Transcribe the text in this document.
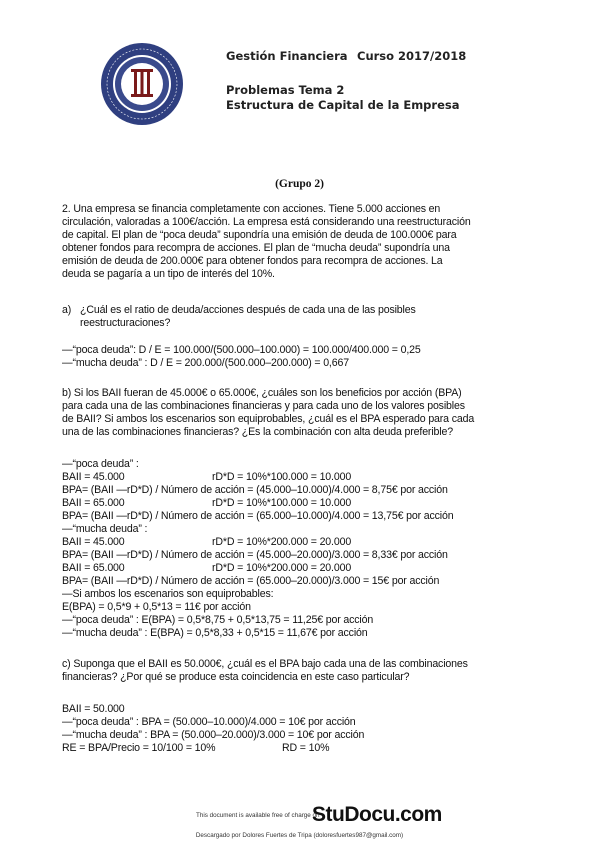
Gestión Financiera Curso 2017/2018
Problemas Tema 2
Estructura de Capital de la Empresa
(Grupo 2)
2. Una empresa se financia completamente con acciones. Tiene 5.000 acciones en
circulación, valoradas a 100€/acción. La empresa está considerando una reestructuración
de capital. El plan de “poca deuda” supondría una emisión de deuda de 100.000€ para
obtener fondos para recompra de acciones. El plan de “mucha deuda” supondría una
emisión de deuda de 200.000€ para obtener fondos para recompra de acciones. La
deuda se pagaría a un tipo de interés del 10%.
a) ¿Cuál es el ratio de deuda/acciones después de cada una de las posibles
reestructuraciones?
—“poca deuda”: D / E = 100.000/(500.000–100.000) = 100.000/400.000 = 0,25
—“mucha deuda” : D / E = 200.000/(500.000–200.000) = 0,667
b) Si los BAII fueran de 45.000€ o 65.000€, ¿cuáles son los beneficios por acción (BPA)
para cada una de las combinaciones financieras y para cada uno de los valores posibles
de BAII? Si ambos los escenarios son equiprobables, ¿cuál es el BPA esperado para cada
una de las combinaciones financieras? ¿Es la combinación con alta deuda preferible?
—“poca deuda” :
BAII = 45.000	rD*D = 10%*100.000 = 10.000
BPA= (BAII —rD*D) / Número de acción = (45.000–10.000)/4.000 = 8,75€ por acción
BAII = 65.000	rD*D = 10%*100.000 = 10.000
BPA= (BAII —rD*D) / Número de acción = (65.000–10.000)/4.000 = 13,75€ por acción
—“mucha deuda” :
BAII = 45.000	rD*D = 10%*200.000 = 20.000
BPA= (BAII —rD*D) / Número de acción = (45.000–20.000)/3.000 = 8,33€ por acción
BAII = 65.000	rD*D = 10%*200.000 = 20.000
BPA= (BAII —rD*D) / Número de acción = (65.000–20.000)/3.000 = 15€ por acción
—Si ambos los escenarios son equiprobables:
E(BPA) = 0,5*9 + 0,5*13 = 11€ por acción
—“poca deuda” : E(BPA) = 0,5*8,75 + 0,5*13,75 = 11,25€ por acción
—“mucha deuda” : E(BPA) = 0,5*8,33 + 0,5*15 = 11,67€ por acción
c) Suponga que el BAII es 50.000€, ¿cuál es el BPA bajo cada una de las combinaciones
financieras? ¿Por qué se produce esta coincidencia en este caso particular?
BAII = 50.000
—“poca deuda” : BPA = (50.000–10.000)/4.000 = 10€ por acción
—“mucha deuda” : BPA = (50.000–20.000)/3.000 = 10€ por acción
RE = BPA/Precio = 10/100 = 10%	RD = 10%
This document is available free of charge on
StuDocu.com
Descargado por Dolores Fuertes de Tripa (doloresfuertes987@gmail.com)
